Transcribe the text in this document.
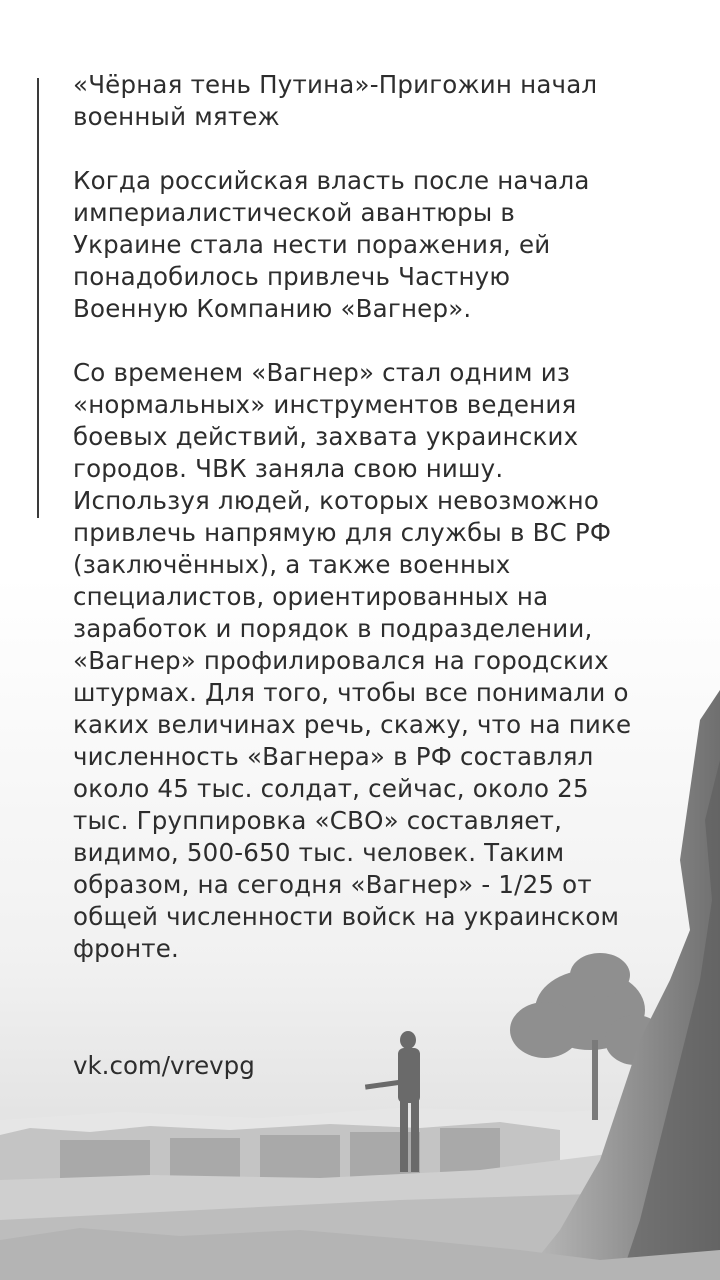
«Чёрная тень Путина»-Пригожин начал
военный мятеж

Когда российская власть после начала
империалистической авантюры в
Украине стала нести поражения, ей
понадобилось привлечь Частную
Военную Компанию «Вагнер».

Со временем «Вагнер» стал одним из
«нормальных» инструментов ведения
боевых действий, захвата украинских
городов. ЧВК заняла свою нишу.
Используя людей, которых невозможно
привлечь напрямую для службы в ВС РФ
(заключённых), а также военных
специалистов, ориентированных на
заработок и порядок в подразделении,
«Вагнер» профилировался на городских
штурмах. Для того, чтобы все понимали о
каких величинах речь, скажу, что на пике
численность «Вагнера» в РФ составлял
около 45 тыс. солдат, сейчас, около 25
тыс. Группировка «СВО» составляет,
видимо, 500-650 тыс. человек. Таким
образом, на сегодня «Вагнер» - 1/25 от
общей численности войск на украинском
фронте.

vk.com/vrevpg
